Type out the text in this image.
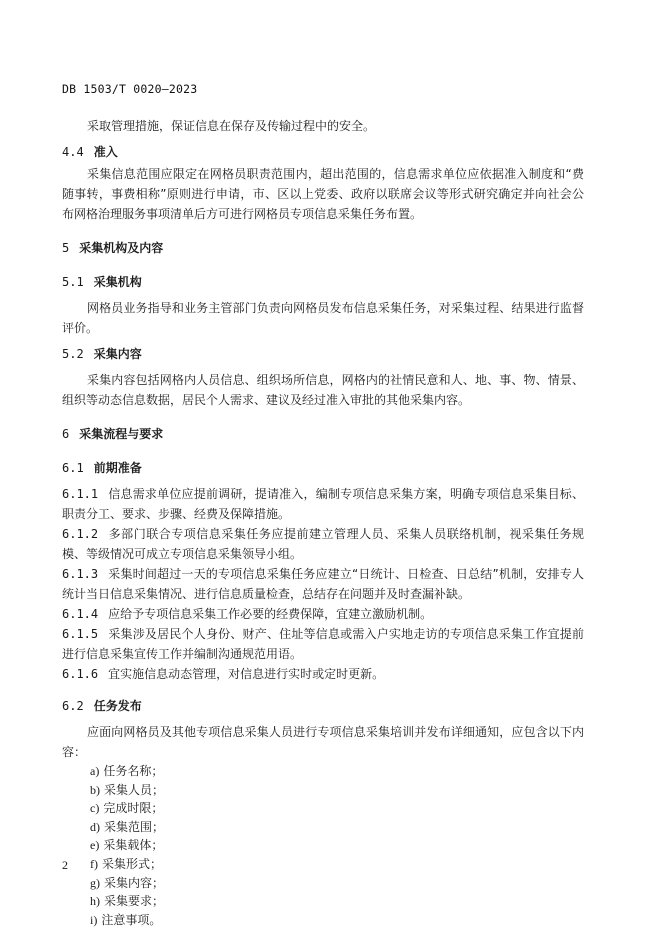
DB 1503/T 0020—2023

采取管理措施，保证信息在保存及传输过程中的安全。

4.4 准入

采集信息范围应限定在网格员职责范围内，超出范围的，信息需求单位应依据准入制度和“费随事转，事费相称”原则进行申请，市、区以上党委、政府以联席会议等形式研究确定并向社会公布网格治理服务事项清单后方可进行网格员专项信息采集任务布置。

5 采集机构及内容
5.1 采集机构

网格员业务指导和业务主管部门负责向网格员发布信息采集任务，对采集过程、结果进行监督评价。

5.2 采集内容

采集内容包括网格内人员信息、组织场所信息，网格内的社情民意和人、地、事、物、情景、组织等动态信息数据，居民个人需求、建议及经过准入审批的其他采集内容。

6 采集流程与要求
6.1 前期准备

6.1.1 信息需求单位应提前调研，提请准入，编制专项信息采集方案，明确专项信息采集目标、职责分工、要求、步骤、经费及保障措施。

6.1.2 多部门联合专项信息采集任务应提前建立管理人员、采集人员联络机制，视采集任务规模、等级情况可成立专项信息采集领导小组。

6.1.3 采集时间超过一天的专项信息采集任务应建立“日统计、日检查、日总结”机制，安排专人统计当日信息采集情况、进行信息质量检查，总结存在问题并及时查漏补缺。

6.1.4 应给予专项信息采集工作必要的经费保障，宜建立激励机制。

6.1.5 采集涉及居民个人身份、财产、住址等信息或需入户实地走访的专项信息采集工作宜提前进行信息采集宣传工作并编制沟通规范用语。

6.1.6 宜实施信息动态管理，对信息进行实时或定时更新。

6.2 任务发布

应面向网格员及其他专项信息采集人员进行专项信息采集培训并发布详细通知，应包含以下内容：

a) 任务名称；
b) 采集人员；
c) 完成时限；
d) 采集范围；
e) 采集载体；
f) 采集形式；
g) 采集内容；
h) 采集要求；
i) 注意事项。
2
